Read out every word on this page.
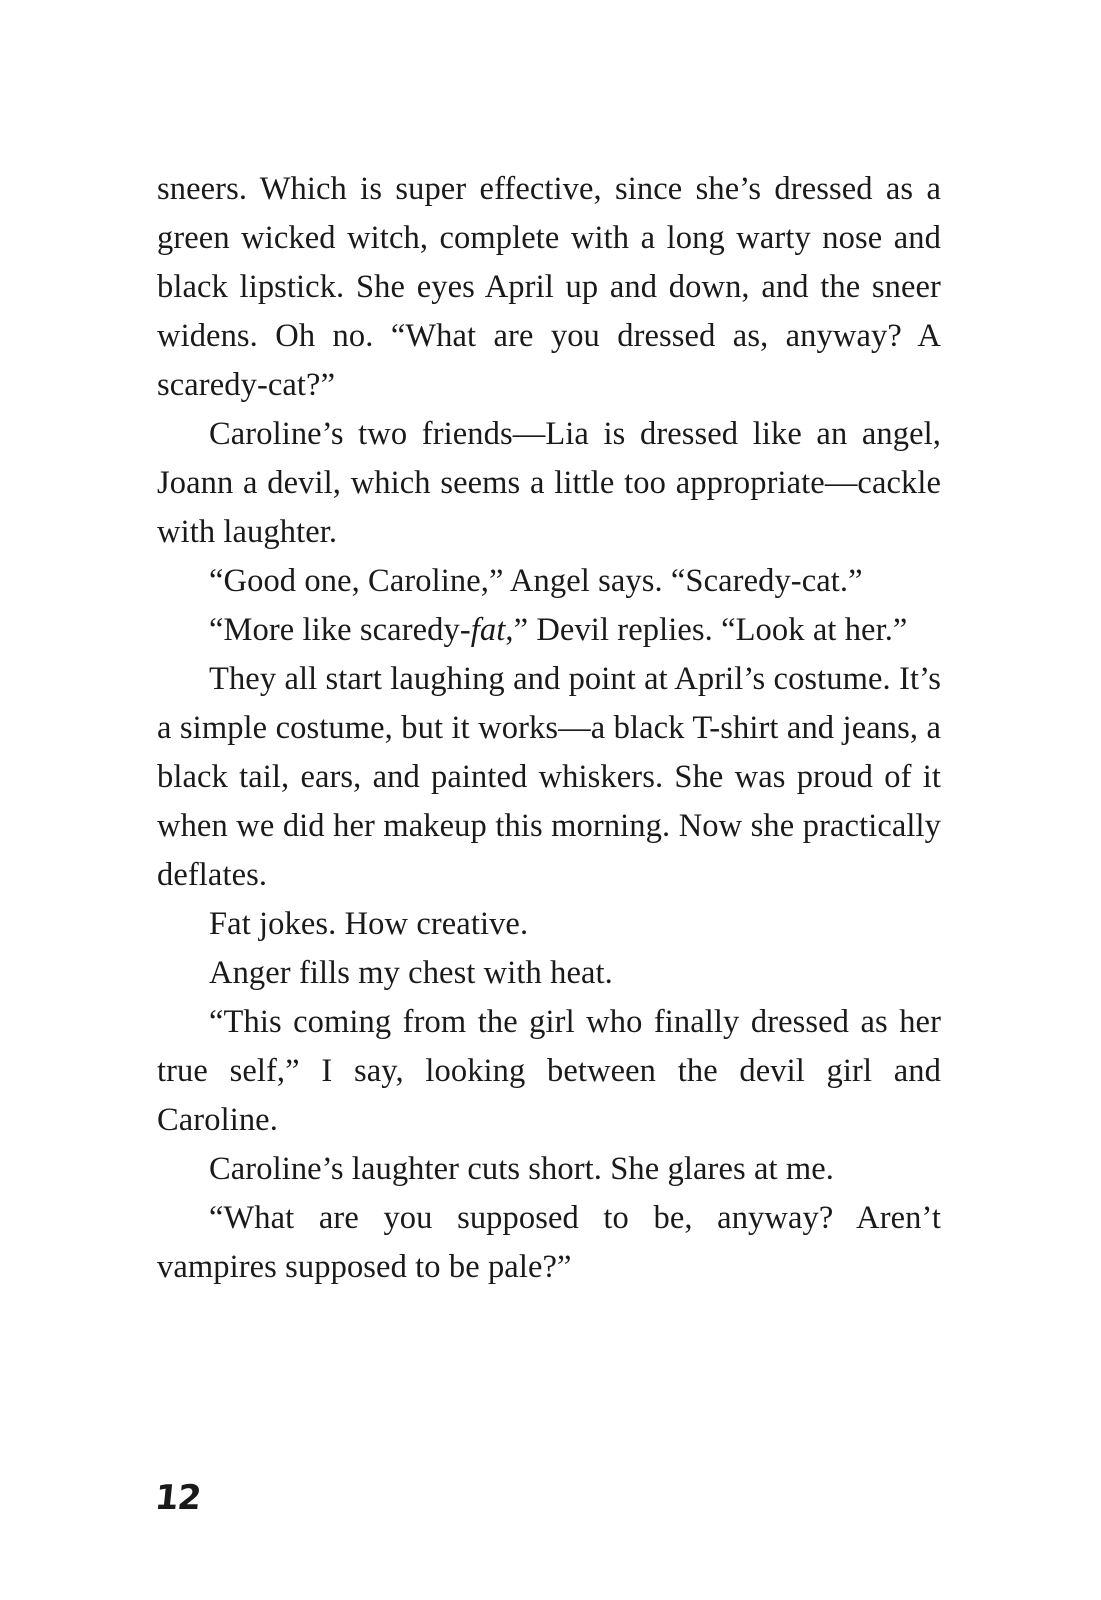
sneers. Which is super effective, since she’s dressed as a green wicked witch, complete with a long warty nose and black lipstick. She eyes April up and down, and the sneer widens. Oh no. “What are you dressed as, anyway? A scaredy-cat?”

Caroline’s two friends—Lia is dressed like an angel, Joann a devil, which seems a little too appropriate—cackle with laughter.

“Good one, Caroline,” Angel says. “Scaredy-cat.”

“More like scaredy-fat,” Devil replies. “Look at her.”

They all start laughing and point at April’s costume. It’s a simple costume, but it works—a black T-shirt and jeans, a black tail, ears, and painted whiskers. She was proud of it when we did her makeup this morning. Now she practically deflates.

Fat jokes. How creative.

Anger fills my chest with heat.

“This coming from the girl who finally dressed as her true self,” I say, looking between the devil girl and Caroline.

Caroline’s laughter cuts short. She glares at me.

“What are you supposed to be, anyway? Aren’t vampires supposed to be pale?”

12
